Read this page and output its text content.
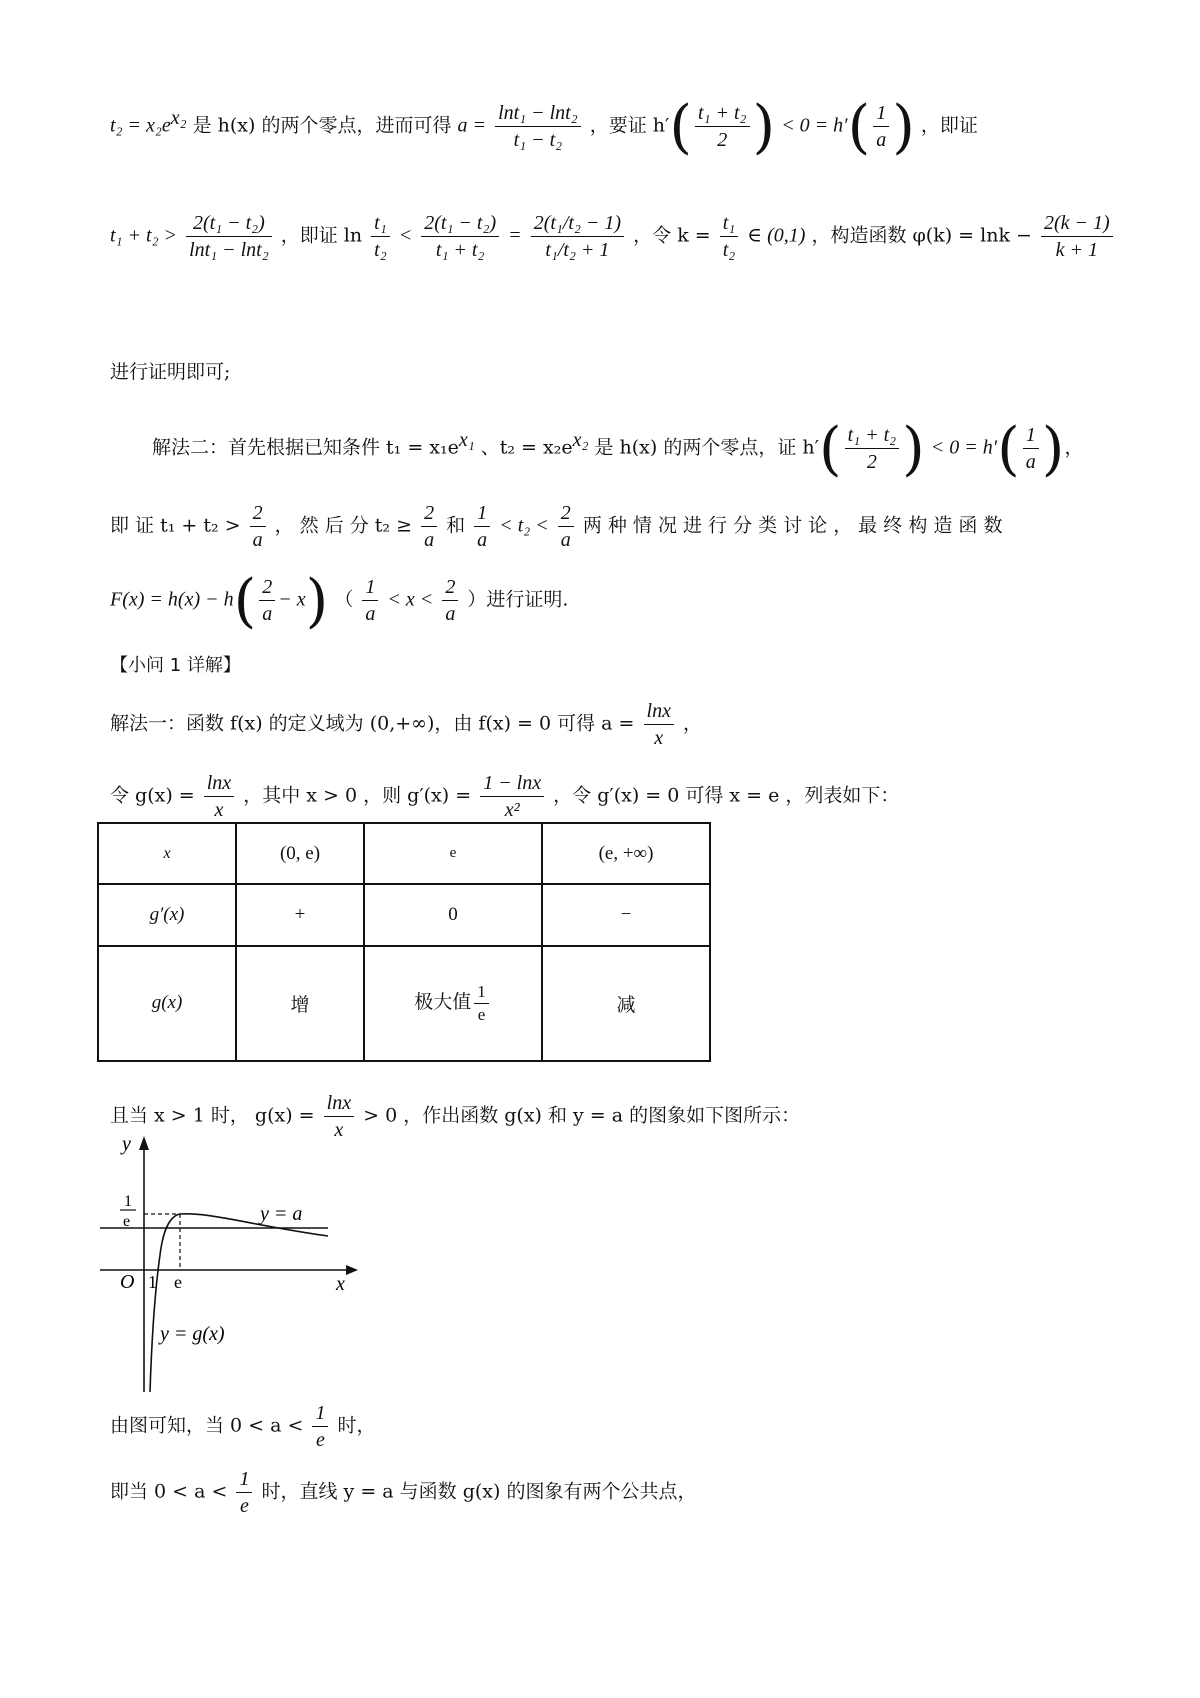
$t_2 = x_2e^{x_2}$ 是 h(x) 的两个零点，进而可得 $a = \frac{\text{lnt₁ − lnt₂}}{\text{t₁ − t₂}}$ ，要证 $h'( \frac{\text{t₁ + t₂}}{2}$ ) < $0 = h'( \frac{1}{a}$ ) ，即证
$t_1 + t_2 > \frac{\text{2(t₁ − t₂)}}{\text{lnt₁ − lnt₂}}$ ，即证 $\ln \frac{\text{t₁}}{\text{t₂}} < \frac{\text{2(t₁ − t₂)}}{\text{t₁ + t₂}} = \frac{\text{2(t₁/t₂ − 1)}}{\text{t₁/t₂ + 1}}$ ，令 $k = \frac{\text{t₁}}{\text{t₂}}$ ∈ (0,1) ，构造函数 $\varphi(k) = \ln k - \frac{2(k - 1)}{k + 1}$
进行证明即可;
解法二：首先根据已知条件 $t_1 = x_1e^{x_1}$ 、$t_2 = x_2e^{x_2}$ 是 h(x) 的两个零点，证 $h'( \frac{\text{t₁ + t₂}}{2}$ ) < $0 = h'( \frac{1}{a}$ )，
即 证 $t_1 + t_2 > \frac{2}{a}$ ， 然 后 分 $t_2 \ge \frac{2}{a}$ 和 $\frac{1}{a} < t_2 < \frac{2}{a}$ 两 种 情 况 进 行 分 类 讨 论 ， 最 终 构 造 函 数
$F(x) = h(x) - h( \frac{2}{a} - x)$ （ $\frac{1}{a} < x < \frac{2}{a}$ ）进行证明.
【小问 1 详解】
解法一：函数 f(x) 的定义域为 (0,+∞)，由 f(x) = 0 可得 $a = \frac{\ln x}{x}$ ，
令 $g(x) = \frac{\ln x}{x}$ ，其中 x > 0 ，则 $g'(x) = \frac{1 - \ln x}{\text{x²}}$ ，令 g′(x) = 0 可得 x = e ，列表如下：
x	(0, e)	e	(e, +∞)
g′(x)	+	0	−
g(x)	增	极大值 $\frac{1}{e}$	减
且当 x > 1 时， $g(x) = \frac{\ln x}{x} > 0$ ，作出函数 g(x) 和 y = a 的图象如下图所示：
y
x
O 1 e
1
e	y = a
y = g(x)
由图可知，当 $0 < a < \frac{1}{e}$ 时，
即当 $0 < a < \frac{1}{e}$ 时，直线 y = a 与函数 g(x) 的图象有两个公共点，
